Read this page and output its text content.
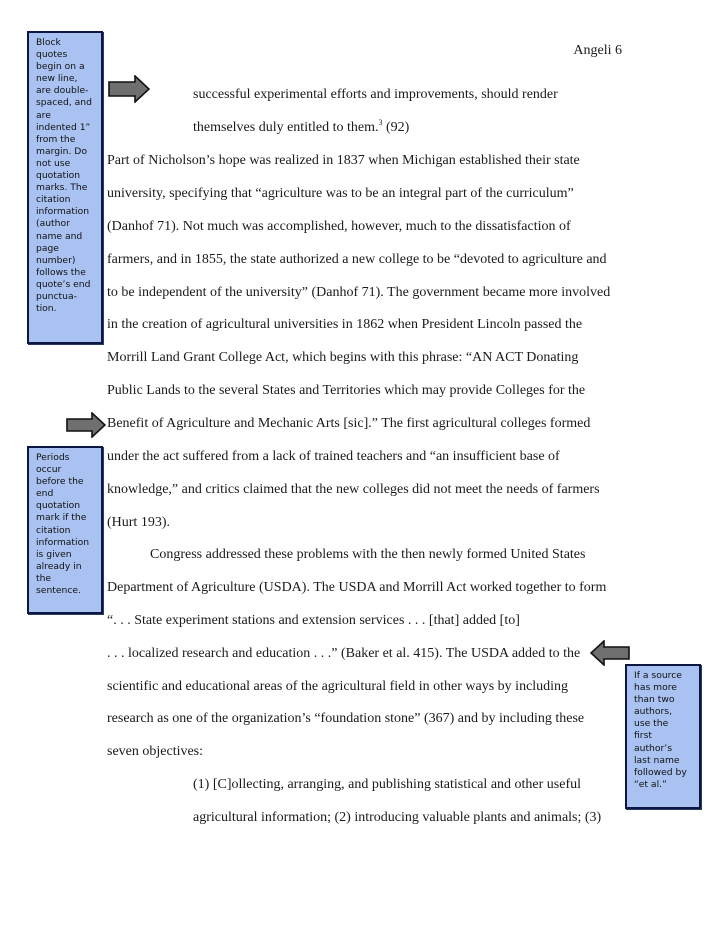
Angeli 6
Block
quotes
begin on a
new line,
are double-
spaced, and
are
indented 1”
from the
margin. Do
not use
quotation
marks. The
citation
information
(author
name and
page
number)
follows the
quote’s end
punctua-
tion.
Periods
occur
before the
end
quotation
mark if the
citation
information
is given
already in
the
sentence.
If a source
has more
than two
authors,
use the
first
author’s
last name
followed by
“et al.”
successful experimental efforts and improvements, should render
themselves duly entitled to them.$^3$ (92)
Part of Nicholson’s hope was realized in 1837 when Michigan established their state
university, specifying that “agriculture was to be an integral part of the curriculum”
(Danhof 71). Not much was accomplished, however, much to the dissatisfaction of
farmers, and in 1855, the state authorized a new college to be “devoted to agriculture and
to be independent of the university” (Danhof 71). The government became more involved
in the creation of agricultural universities in 1862 when President Lincoln passed the
Morrill Land Grant College Act, which begins with this phrase: “AN ACT Donating
Public Lands to the several States and Territories which may provide Colleges for the
Benefit of Agriculture and Mechanic Arts [sic].” The first agricultural colleges formed
under the act suffered from a lack of trained teachers and “an insufficient base of
knowledge,” and critics claimed that the new colleges did not meet the needs of farmers
(Hurt 193).
Congress addressed these problems with the then newly formed United States
Department of Agriculture (USDA). The USDA and Morrill Act worked together to form
“. . . State experiment stations and extension services . . . [that] added [to]
. . . localized research and education . . .” (Baker et al. 415). The USDA added to the
scientific and educational areas of the agricultural field in other ways by including
research as one of the organization’s “foundation stone” (367) and by including these
seven objectives:
(1) [C]ollecting, arranging, and publishing statistical and other useful
agricultural information; (2) introducing valuable plants and animals; (3)
